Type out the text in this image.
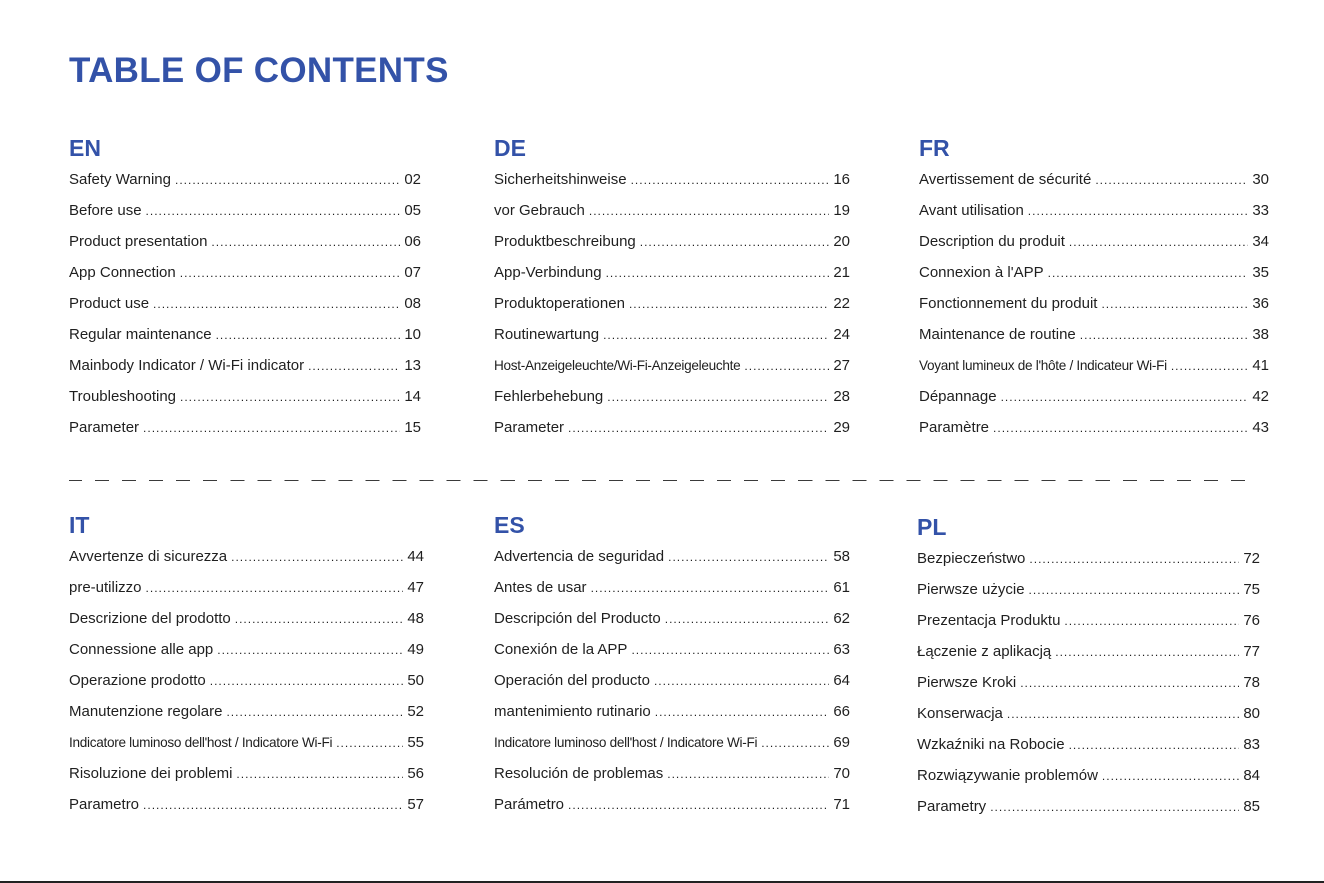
TABLE OF CONTENTS
EN
Safety Warning .....	02
Before use .....	05
Product presentation .....	06
App Connection .....	07
Product use .....	08
Regular maintenance .....	10
Mainbody Indicator / Wi-Fi indicator .....	13
Troubleshooting .....	14
Parameter .....	15
DE
Sicherheitshinweise .....	16
vor Gebrauch .....	19
Produktbeschreibung .....	20
App-Verbindung .....	21
Produktoperationen .....	22
Routinewartung .....	24
Host-Anzeigeleuchte/Wi-Fi-Anzeigeleuchte .....	27
Fehlerbehebung .....	28
Parameter .....	29
FR
Avertissement de sécurité .....	30
Avant utilisation .....	33
Description du produit .....	34
Connexion à l'APP .....	35
Fonctionnement du produit .....	36
Maintenance de routine .....	38
Voyant lumineux de l'hôte / Indicateur Wi-Fi .....	41
Dépannage .....	42
Paramètre .....	43
IT
Avvertenze di sicurezza .....	44
pre-utilizzo .....	47
Descrizione del prodotto .....	48
Connessione alle app .....	49
Operazione prodotto .....	50
Manutenzione regolare .....	52
Indicatore luminoso dell'host / Indicatore Wi-Fi .....	55
Risoluzione dei problemi .....	56
Parametro .....	57
ES
Advertencia de seguridad .....	58
Antes de usar .....	61
Descripción del Producto .....	62
Conexión de la APP .....	63
Operación del producto .....	64
mantenimiento rutinario .....	66
Indicatore luminoso dell'host / Indicatore Wi-Fi .....	69
Resolución de problemas .....	70
Parámetro .....	71
PL
Bezpieczeństwo .....	72
Pierwsze użycie .....	75
Prezentacja Produktu .....	76
Łączenie z aplikacją .....	77
Pierwsze Kroki .....	78
Konserwacja .....	80
Wzkaźniki na Robocie .....	83
Rozwiązywanie problemów .....	84
Parametry .....	85
